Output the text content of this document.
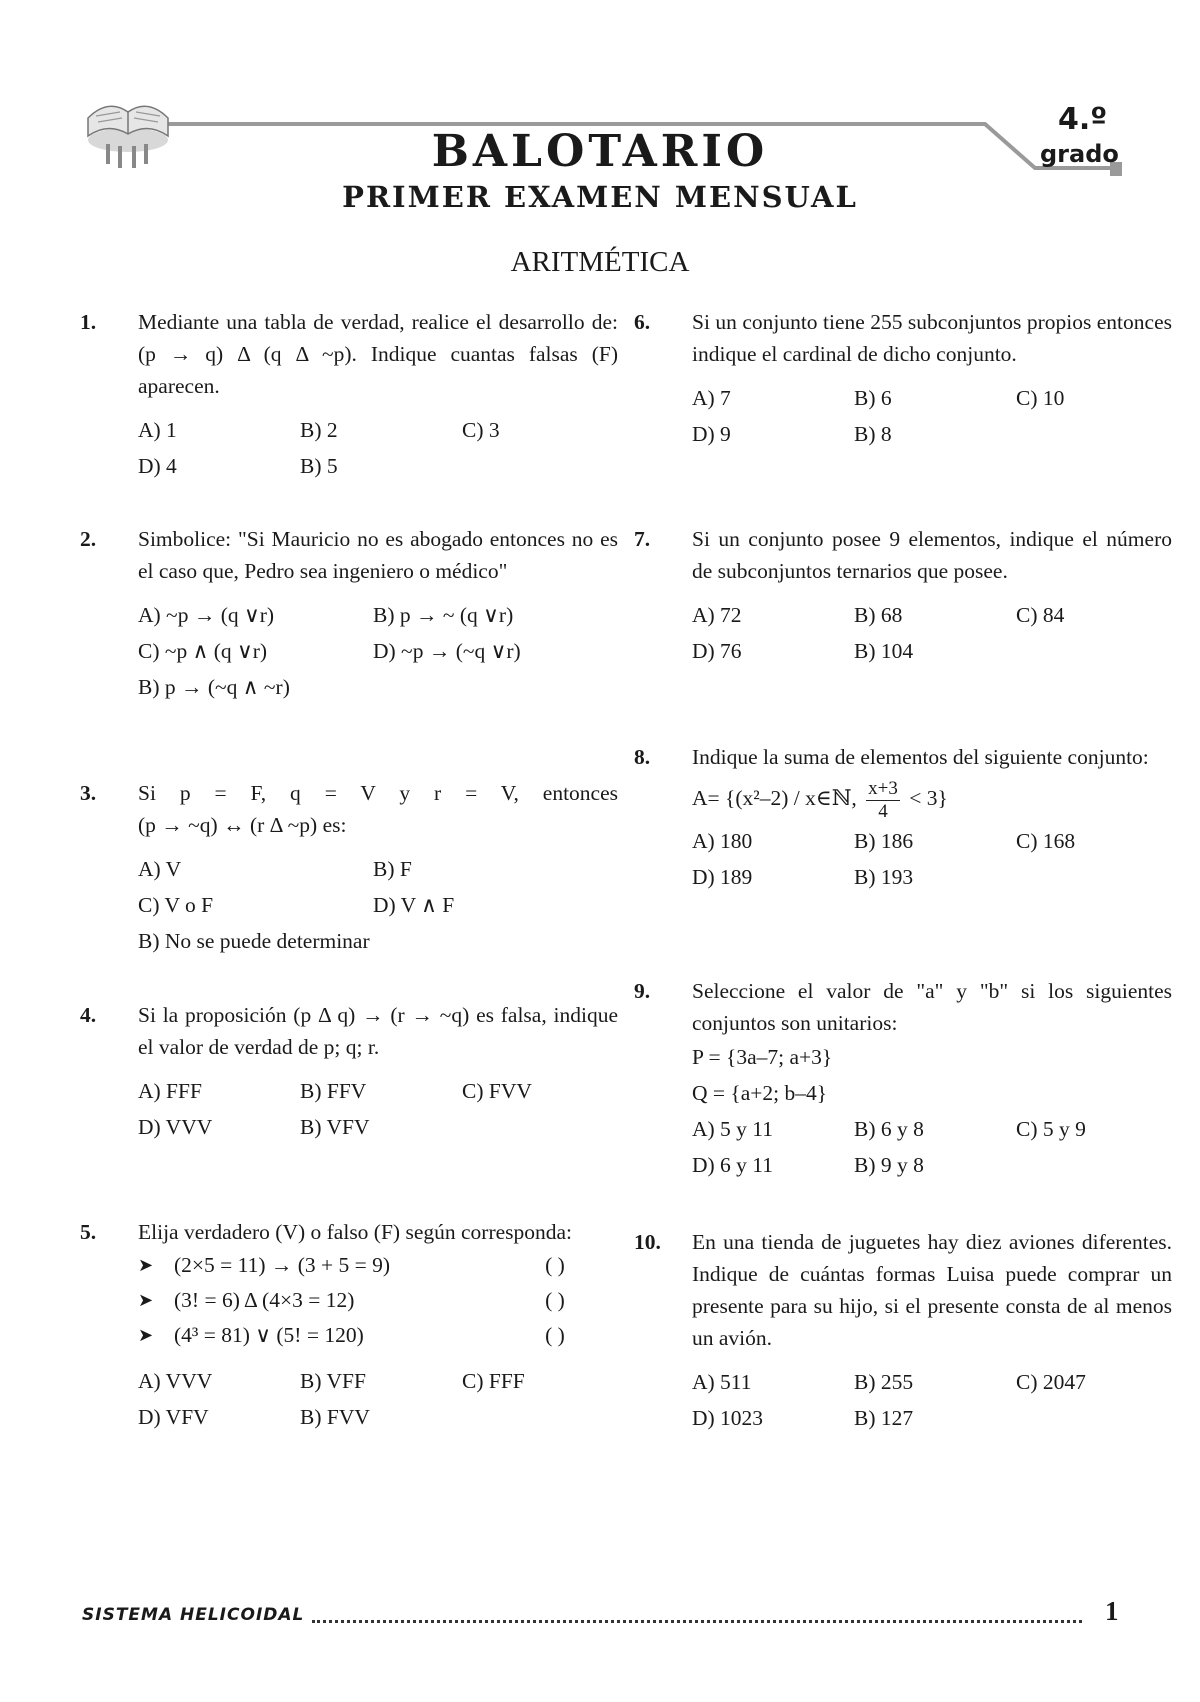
BALOTARIO
PRIMER EXAMEN MENSUAL
4.º
grado
ARITMÉTICA
1. Mediante una tabla de verdad, realice el desarrollo de: (p → q) Δ (q Δ ~p). Indique cuantas falsas (F) aparecen.
A) 1	B) 2	C) 3
D) 4	B) 5
2. Simbolice: "Si Mauricio no es abogado entonces no es el caso que, Pedro sea ingeniero o médico"
A) ~p → (q ∨r)	B) p → ~ (q ∨r)
C) ~p ∧ (q ∨r)	D) ~p → (~q ∨r)
B) p → (~q ∧ ~r)
3. Si p = F, q = V y r = V, entonces
(p → ~q) ↔ (r Δ ~p) es:
A) V	B) F
C) V o F	D) V ∧ F
B) No se puede determinar
4. Si la proposición (p Δ q) → (r → ~q) es falsa, indique el valor de verdad de p; q; r.
A) FFF	B) FFV	C) FVV
D) VVV	B) VFV
5. Elija verdadero (V) o falso (F) según corresponda:
➤ (2×5 = 11) → (3 + 5 = 9)	( )
➤ (3! = 6) Δ (4×3 = 12)	( )
➤ (4³ = 81) ∨ (5! = 120)	( )
A) VVV	B) VFF	C) FFF
D) VFV	B) FVV
6. Si un conjunto tiene 255 subconjuntos propios entonces indique el cardinal de dicho conjunto.
A) 7	B) 6	C) 10
D) 9	B) 8
7. Si un conjunto posee 9 elementos, indique el número de subconjuntos ternarios que posee.
A) 72	B) 68	C) 84
D) 76	B) 104
8. Indique la suma de elementos del siguiente conjunto:
A= {(x²–2) / x∈ℕ, $\frac{x+3}{4} < 3$}
A) 180	B) 186	C) 168
D) 189	B) 193
9. Seleccione el valor de "a" y "b" si los siguientes conjuntos son unitarios:
P = {3a–7; a+3}
Q = {a+2; b–4}
A) 5 y 11	B) 6 y 8	C) 5 y 9
D) 6 y 11	B) 9 y 8
10. En una tienda de juguetes hay diez aviones diferentes. Indique de cuántas formas Luisa puede comprar un presente para su hijo, si el presente consta de al menos un avión.
A) 511	B) 255	C) 2047
D) 1023	B) 127
SISTEMA HELICOIDAL	1
